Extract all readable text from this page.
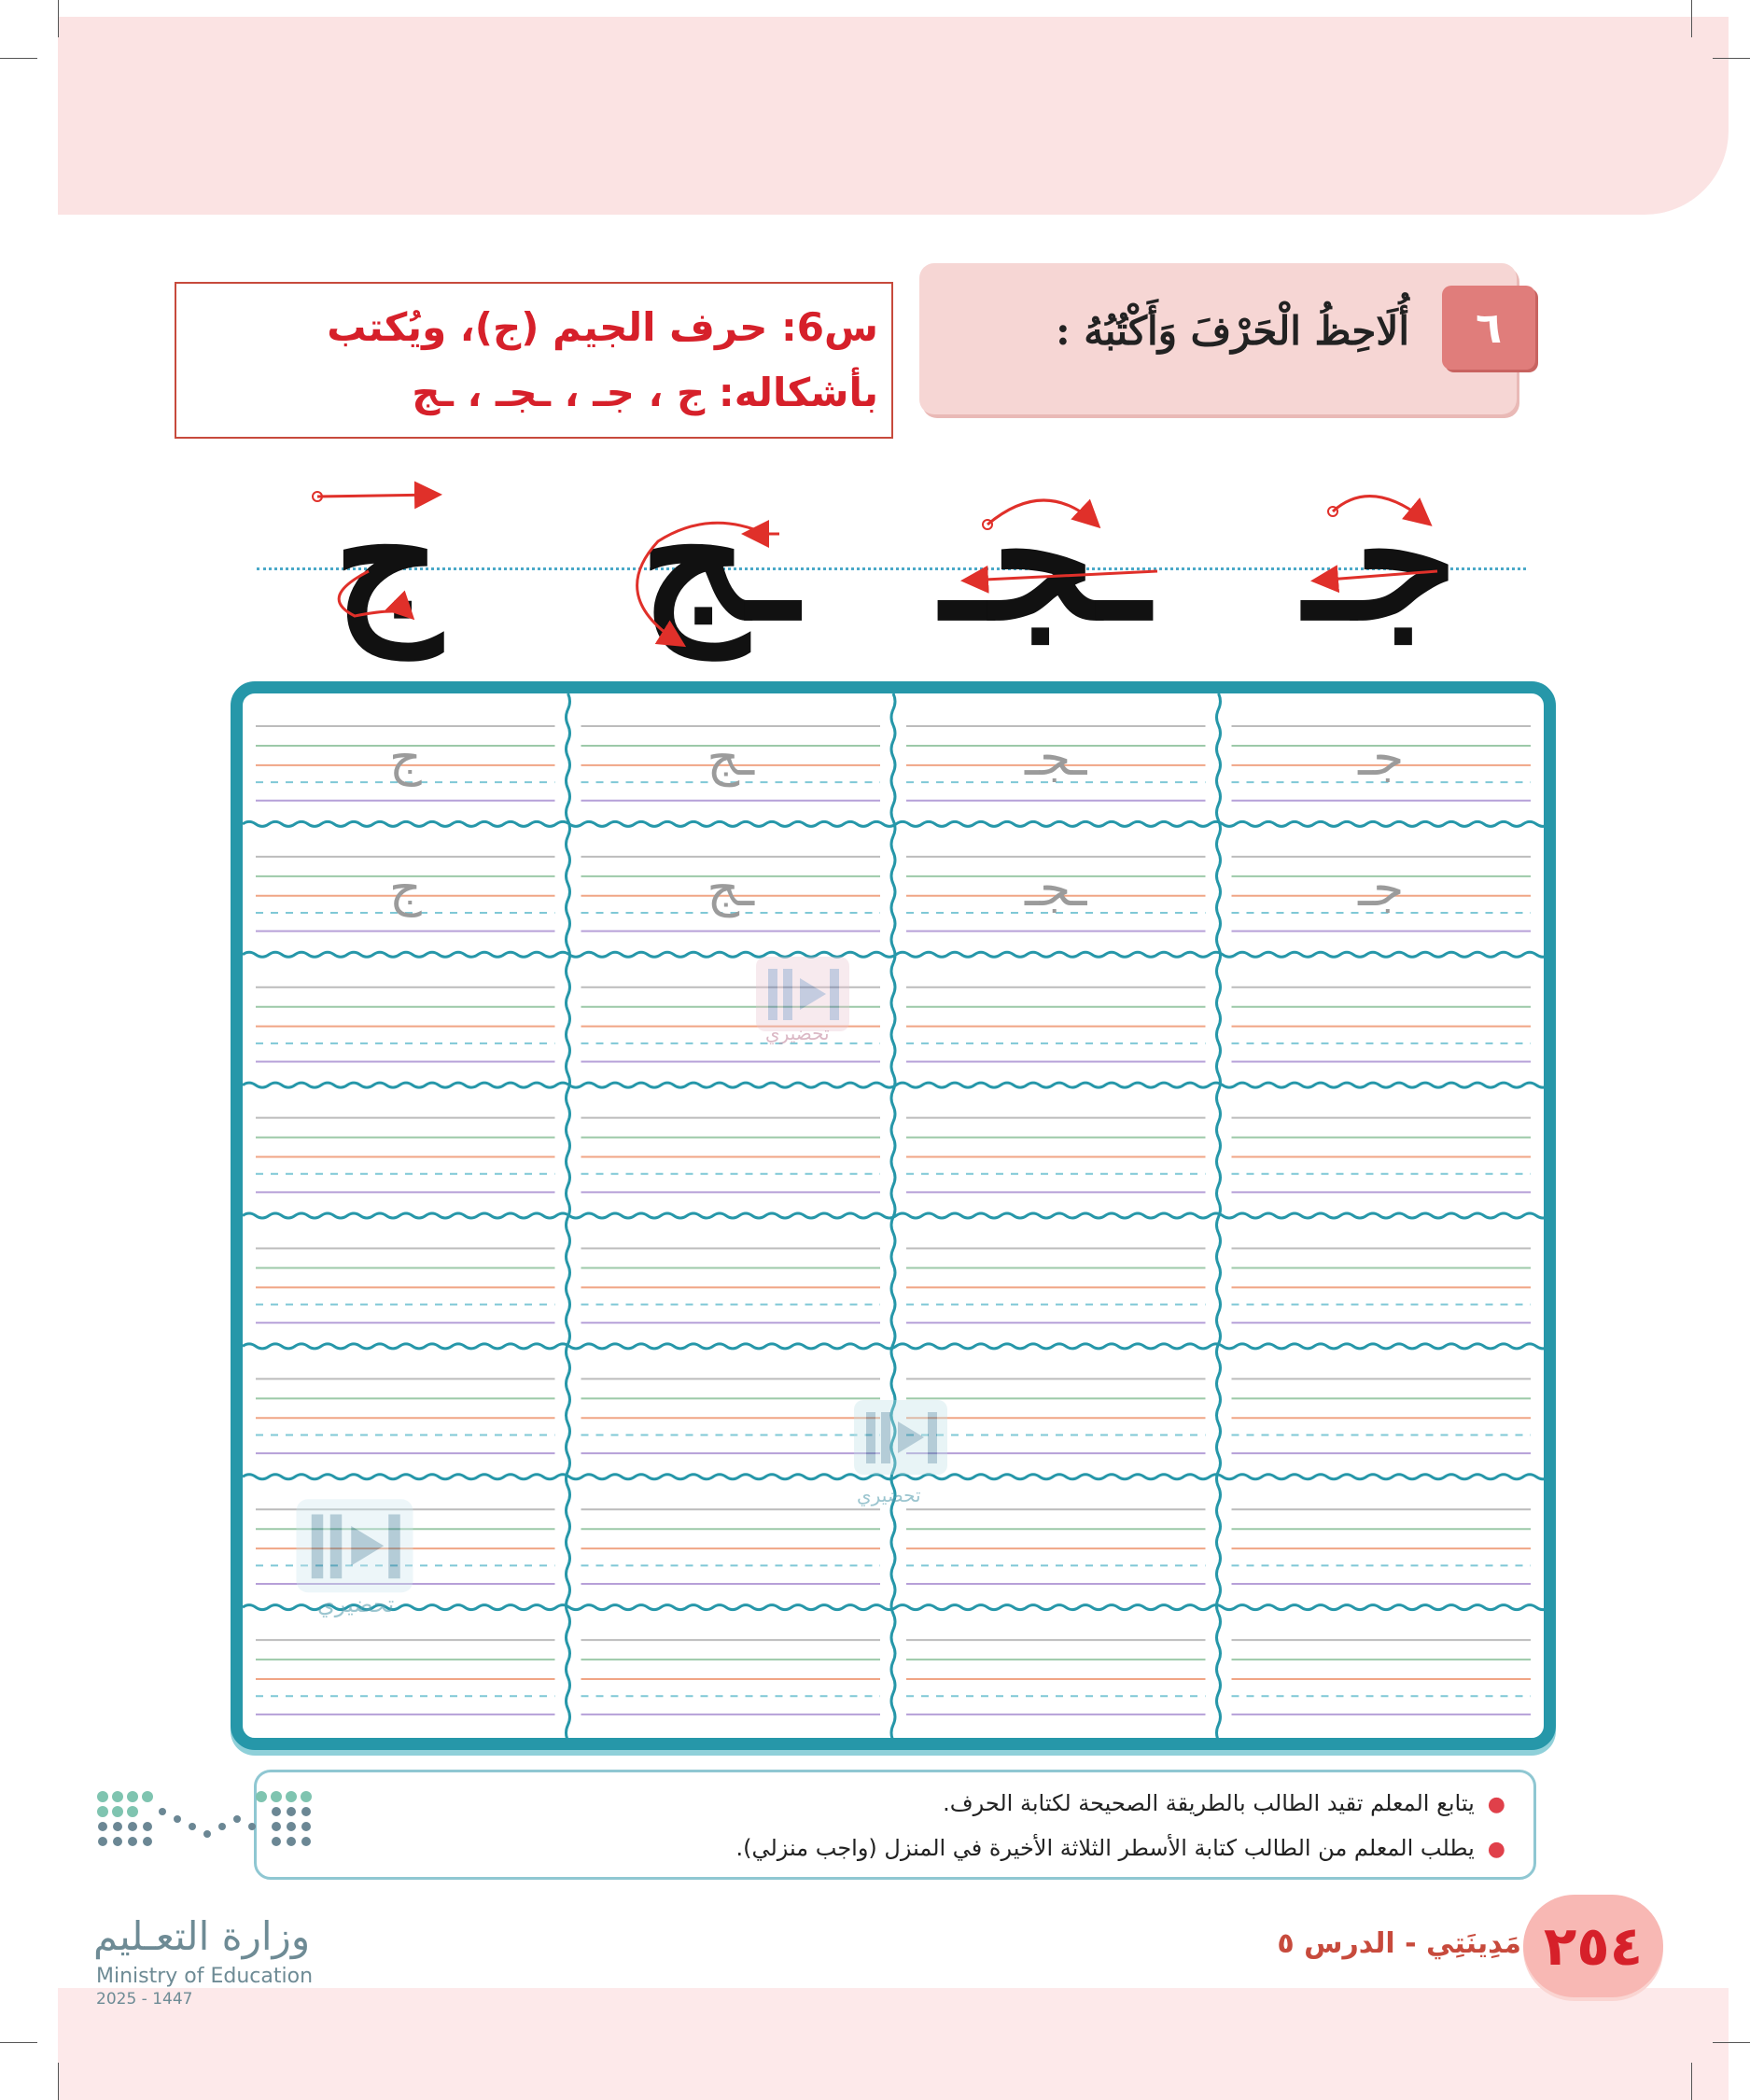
٦
أُلَاحِظُ الْحَرْفَ وَأَكْتُبُهُ :
س6: حرف الجيم (ج)، ويُكتب
بأشكاله: ج ، جـ ، ـجـ ، ـج
جـ
ـجـ
ـج
ج
جـ
ـجـ
ـج
ج
جـ
ـجـ
ـج
ج
تحضيري
تحضيري
تحضيري
●يتابع المعلم تقيد الطالب بالطريقة الصحيحة لكتابة الحرف.
●يطلب المعلم من الطالب كتابة الأسطر الثلاثة الأخيرة في المنزل (واجب منزلي).
٢٥٤
مَدِينَتِي - الدرس ٥
وزارة التعـليم
Ministry of Education
2025 - 1447
